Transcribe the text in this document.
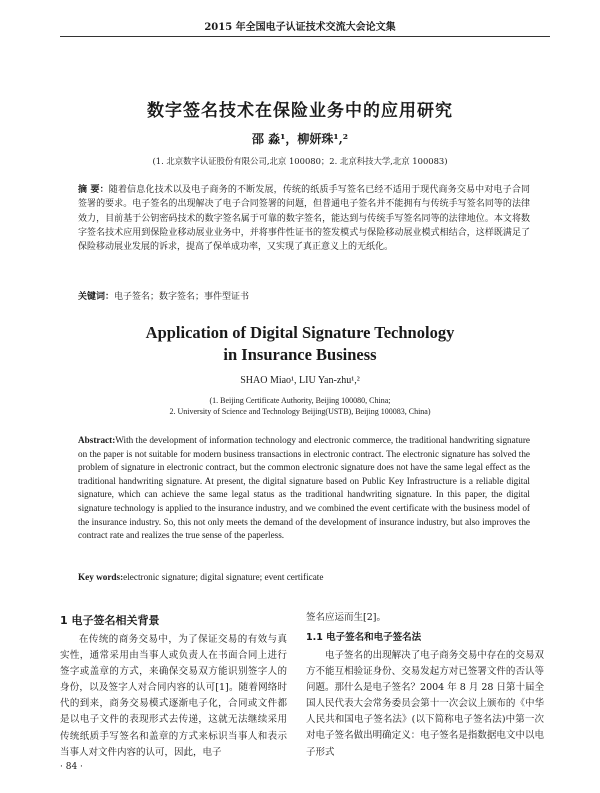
2015 年全国电子认证技术交流大会论文集
数字签名技术在保险业务中的应用研究
邵 淼¹，柳妍珠¹,²
(1. 北京数字认证股份有限公司,北京 100080；2. 北京科技大学,北京 100083)
摘 要：随着信息化技术以及电子商务的不断发展，传统的纸质手写签名已经不适用于现代商务交易中对电子合同签署的要求。电子签名的出现解决了电子合同签署的问题，但普通电子签名并不能拥有与传统手写签名同等的法律效力，目前基于公钥密码技术的数字签名属于可靠的数字签名，能达到与传统手写签名同等的法律地位。本文将数字签名技术应用到保险业移动展业业务中，并将事件性证书的签发模式与保险移动展业模式相结合，这样既满足了保险移动展业发展的诉求，提高了保单成功率，又实现了真正意义上的无纸化。
关键词：电子签名；数字签名；事件型证书
Application of Digital Signature Technology
in Insurance Business
SHAO Miao¹, LIU Yan-zhu¹,²
(1. Beijing Certificate Authority, Beijing 100080, China;
2. University of Science and Technology Beijing(USTB), Beijing 100083, China)
Abstract:With the development of information technology and electronic commerce, the traditional handwriting signature on the paper is not suitable for modern business transactions in electronic contract. The electronic signature has solved the problem of signature in electronic contract, but the common electronic signature does not have the same legal effect as the traditional handwriting signature. At present, the digital signature based on Public Key Infrastructure is a reliable digital signature, which can achieve the same legal status as the traditional handwriting signature. In this paper, the digital signature technology is applied to the insurance industry, and we combined the event certificate with the business model of the insurance industry. So, this not only meets the demand of the development of insurance industry, but also improves the contract rate and realizes the true sense of the paperless.
Key words:electronic signature; digital signature; event certificate
1 电子签名相关背景
在传统的商务交易中，为了保证交易的有效与真实性，通常采用由当事人或负责人在书面合同上进行签字或盖章的方式，来确保交易双方能识别签字人的身份，以及签字人对合同内容的认可[1]。随着网络时代的到来，商务交易模式逐渐电子化，合同或文件都是以电子文件的表现形式去传递，这就无法继续采用传统纸质手写签名和盖章的方式来标识当事人和表示当事人对文件内容的认可，因此，电子
签名应运而生[2]。
1.1 电子签名和电子签名法
电子签名的出现解决了电子商务交易中存在的交易双方不能互相验证身份、交易发起方对已签署文件的否认等问题。那什么是电子签名？2004 年 8 月 28 日第十届全国人民代表大会常务委员会第十一次会议上颁布的《中华人民共和国电子签名法》(以下简称电子签名法)中第一次对电子签名做出明确定义：电子签名是指数据电文中以电子形式
· 84 ·
